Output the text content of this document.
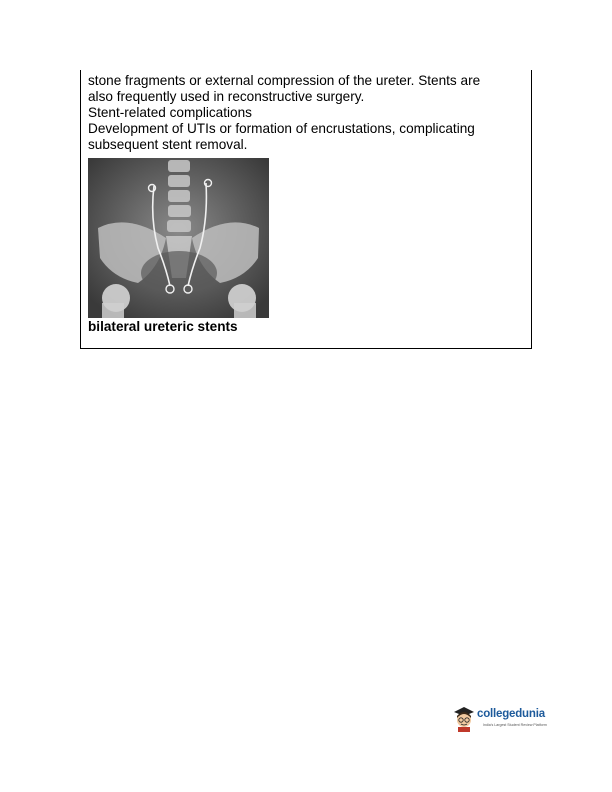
stone fragments or external compression of the ureter. Stents are
also frequently used in reconstructive surgery.
Stent-related complications
Development of UTIs or formation of encrustations, complicating
subsequent stent removal.
bilateral ureteric stents
collegedunia
India's Largest Student Review Platform
